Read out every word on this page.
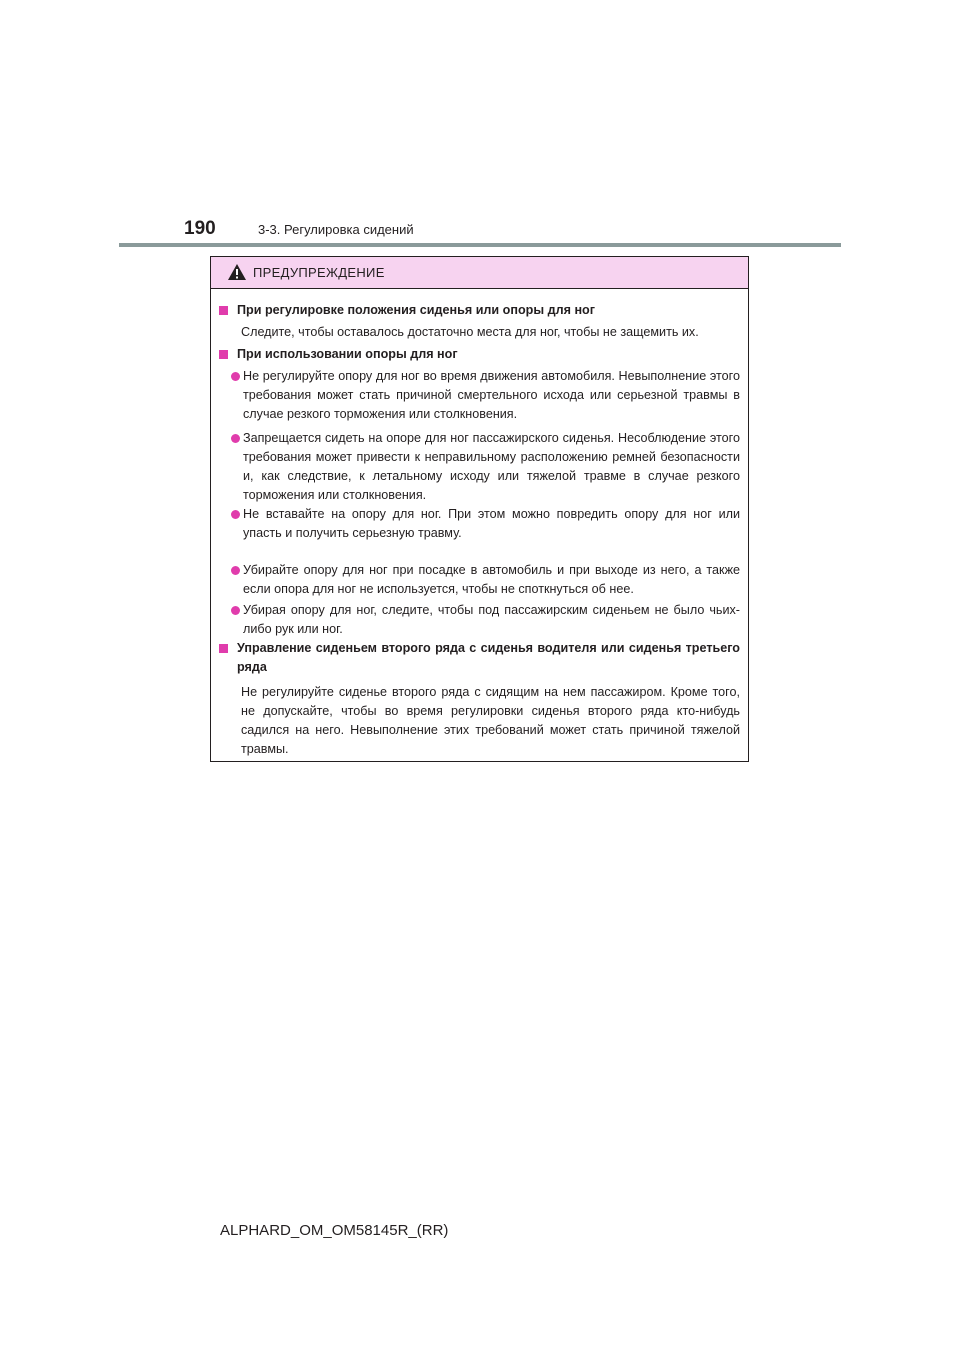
190	3-3. Регулировка сидений
ПРЕДУПРЕЖДЕНИЕ
При регулировке положения сиденья или опоры для ног
Следите, чтобы оставалось достаточно места для ног, чтобы не защемить их.
При использовании опоры для ног
Не регулируйте опору для ног во время движения автомобиля. Невыполнение этого требования может стать причиной смертельного исхода или серьезной травмы в случае резкого торможения или столкновения.
Запрещается сидеть на опоре для ног пассажирского сиденья. Несоблюдение этого требования может привести к неправильному расположению ремней безопасности и, как следствие, к летальному исходу или тяжелой травме в случае резкого торможения или столкновения.
Не вставайте на опору для ног. При этом можно повредить опору для ног или упасть и получить серьезную травму.
Убирайте опору для ног при посадке в автомобиль и при выходе из него, а также если опора для ног не используется, чтобы не споткнуться об нее.
Убирая опору для ног, следите, чтобы под пассажирским сиденьем не было чьих-либо рук или ног.
Управление сиденьем второго ряда с сиденья водителя или сиденья третьего ряда
Не регулируйте сиденье второго ряда с сидящим на нем пассажиром. Кроме того, не допускайте, чтобы во время регулировки сиденья второго ряда кто-нибудь садился на него. Невыполнение этих требований может стать причиной тяжелой травмы.
ALPHARD_OM_OM58145R_(RR)
